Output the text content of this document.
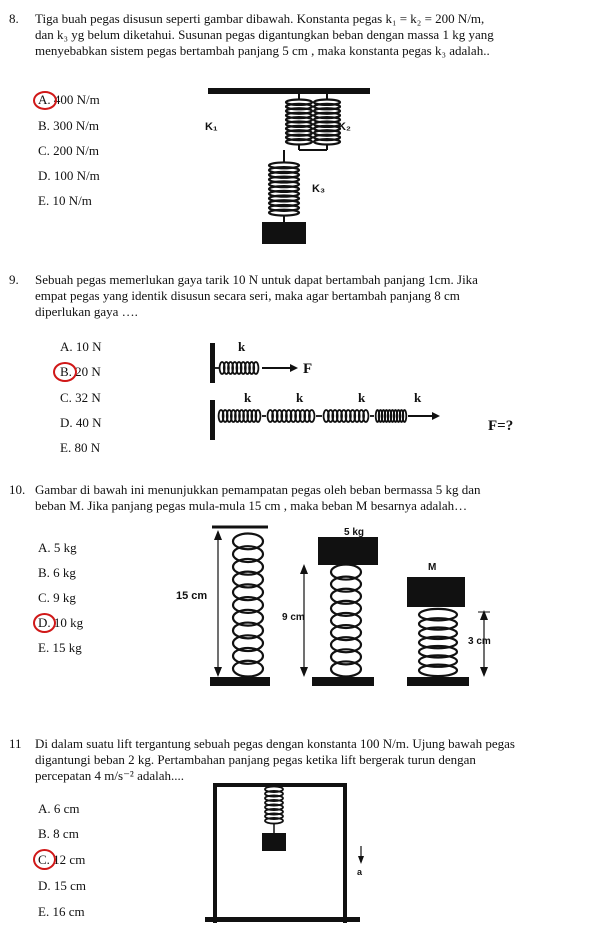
8. Tiga buah pegas disusun seperti gambar dibawah. Konstanta pegas k₁ = k₂ = 200 N/m,
dan k₃ yg belum diketahui. Susunan pegas digantungkan beban dengan massa 1 kg yang
menyebabkan sistem pegas bertambah panjang 5 cm , maka konstanta pegas k₃ adalah..
A. 400 N/m
B. 300 N/m
C. 200 N/m
D. 100 N/m
E. 10 N/m
K₁	K₂
K₃
9. Sebuah pegas memerlukan gaya tarik 10 N untuk dapat bertambah panjang 1cm. Jika
empat pegas yang identik disusun secara seri, maka agar bertambah panjang 8 cm
diperlukan gaya ….
A. 10 N
B. 20 N
C. 32 N
D. 40 N
E. 80 N
k
k	k	k	k
F
F=?
10. Gambar di bawah ini menunjukkan pemampatan pegas oleh beban bermassa 5 kg dan
beban M. Jika panjang pegas mula-mula 15 cm , maka beban M besarnya adalah…
A. 5 kg
B. 6 kg
C. 9 kg
D. 10 kg
E. 15 kg
15 cm
5 kg
9 cm
M
3 cm
11 Di dalam suatu lift tergantung sebuah pegas dengan konstanta 100 N/m. Ujung bawah pegas
digantungi beban 2 kg. Pertambahan panjang pegas ketika lift bergerak turun dengan
percepatan 4 m/s⁻² adalah....
A. 6 cm
B. 8 cm
C. 12 cm
D. 15 cm
E. 16 cm
a
